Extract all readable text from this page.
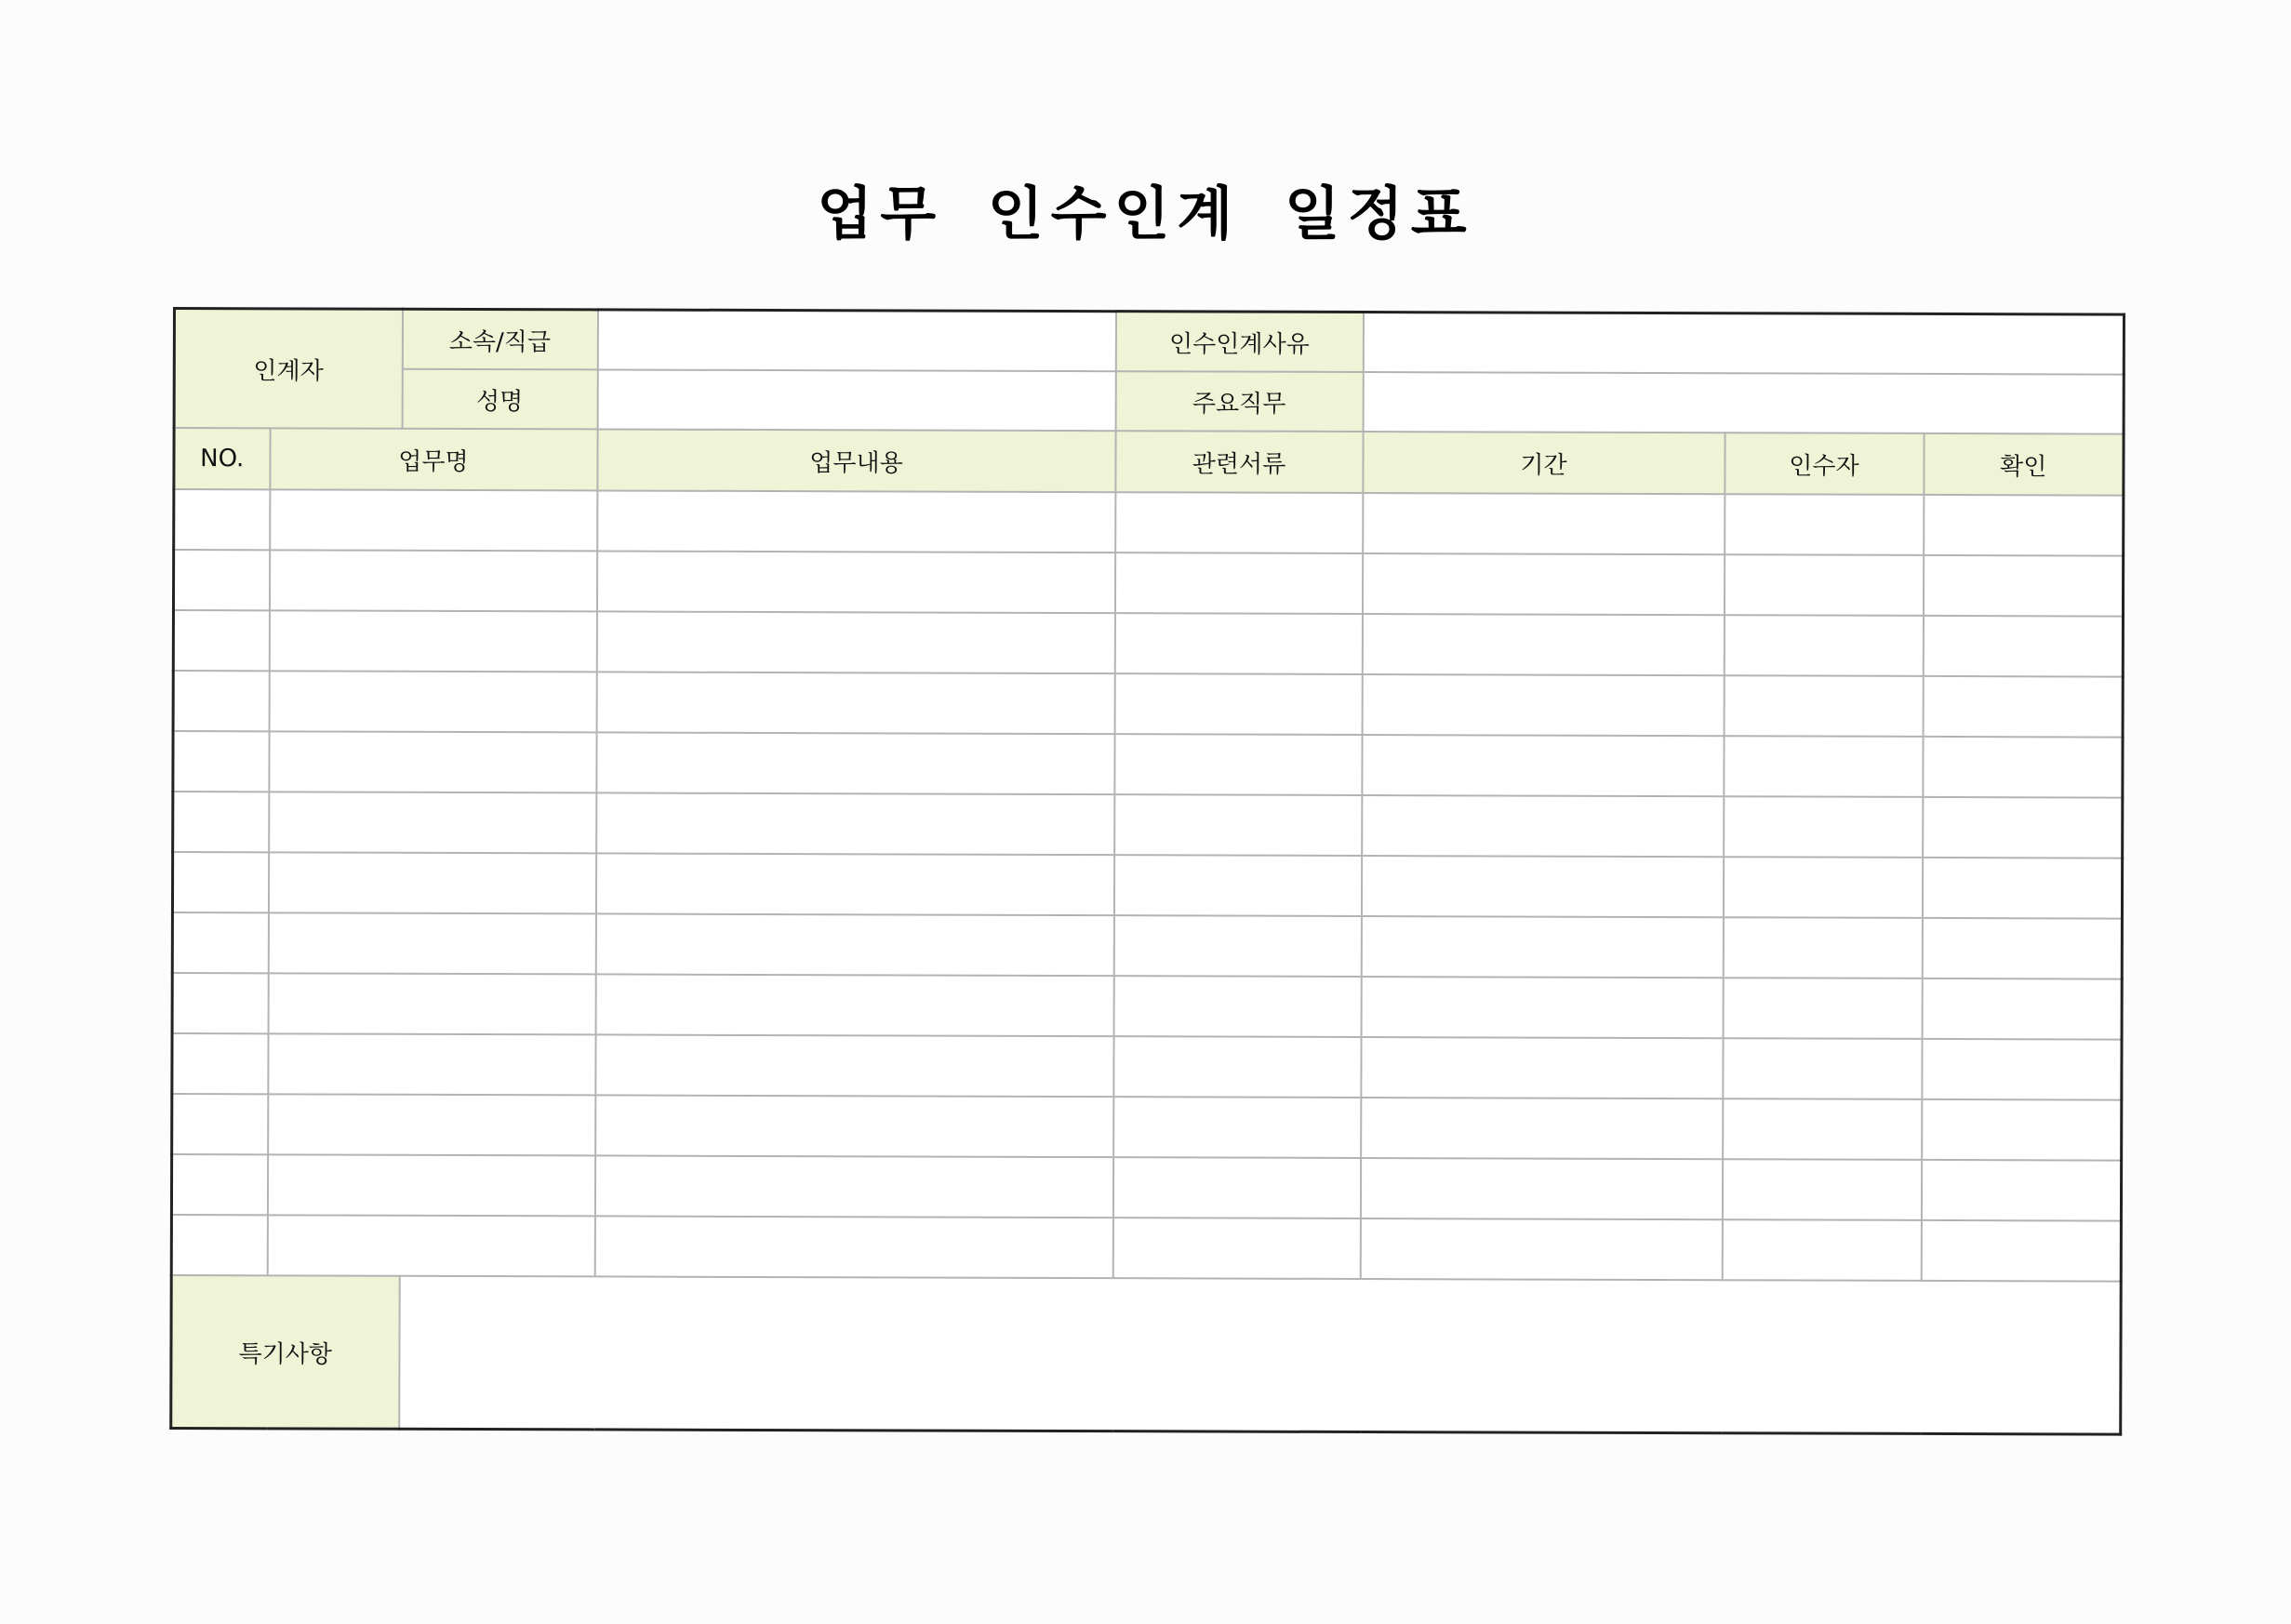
업무 인수인계 일정표
인계자		소속/직급		인수인계사유			
		성명		주요직무			
NO.	업무명		업무내용	관련서류	기간	인수자	확인

특기사항							
